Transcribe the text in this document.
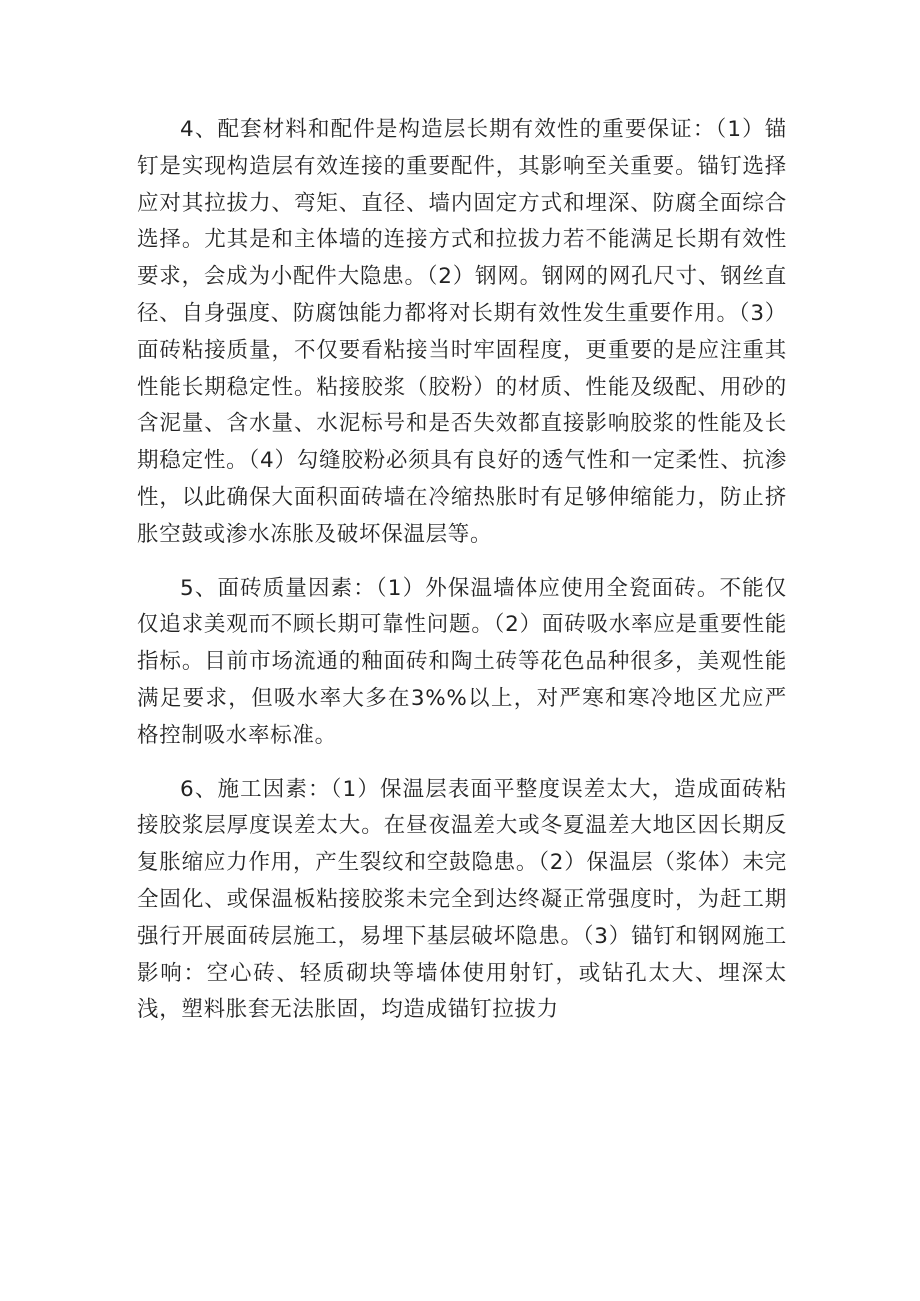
4、配套材料和配件是构造层长期有效性的重要保证：（1）锚钉是实现构造层有效连接的重要配件，其影响至关重要。锚钉选择应对其拉拔力、弯矩、直径、墙内固定方式和埋深、防腐全面综合选择。尤其是和主体墙的连接方式和拉拔力若不能满足长期有效性要求，会成为小配件大隐患。（2）钢网。钢网的网孔尺寸、钢丝直径、自身强度、防腐蚀能力都将对长期有效性发生重要作用。（3）面砖粘接质量，不仅要看粘接当时牢固程度，更重要的是应注重其性能长期稳定性。粘接胶浆（胶粉）的材质、性能及级配、用砂的含泥量、含水量、水泥标号和是否失效都直接影响胶浆的性能及长期稳定性。（4）勾缝胶粉必须具有良好的透气性和一定柔性、抗渗性，以此确保大面积面砖墙在冷缩热胀时有足够伸缩能力，防止挤胀空鼓或渗水冻胀及破坏保温层等。

5、面砖质量因素：（1）外保温墙体应使用全瓷面砖。不能仅仅追求美观而不顾长期可靠性问题。（2）面砖吸水率应是重要性能指标。目前市场流通的釉面砖和陶土砖等花色品种很多，美观性能满足要求，但吸水率大多在3%%以上，对严寒和寒冷地区尤应严格控制吸水率标准。

6、施工因素：（1）保温层表面平整度误差太大，造成面砖粘接胶浆层厚度误差太大。在昼夜温差大或冬夏温差大地区因长期反复胀缩应力作用，产生裂纹和空鼓隐患。（2）保温层（浆体）未完全固化、或保温板粘接胶浆未完全到达终凝正常强度时，为赶工期强行开展面砖层施工，易埋下基层破坏隐患。（3）锚钉和钢网施工影响：空心砖、轻质砌块等墙体使用射钉，或钻孔太大、埋深太浅，塑料胀套无法胀固，均造成锚钉拉拔力
